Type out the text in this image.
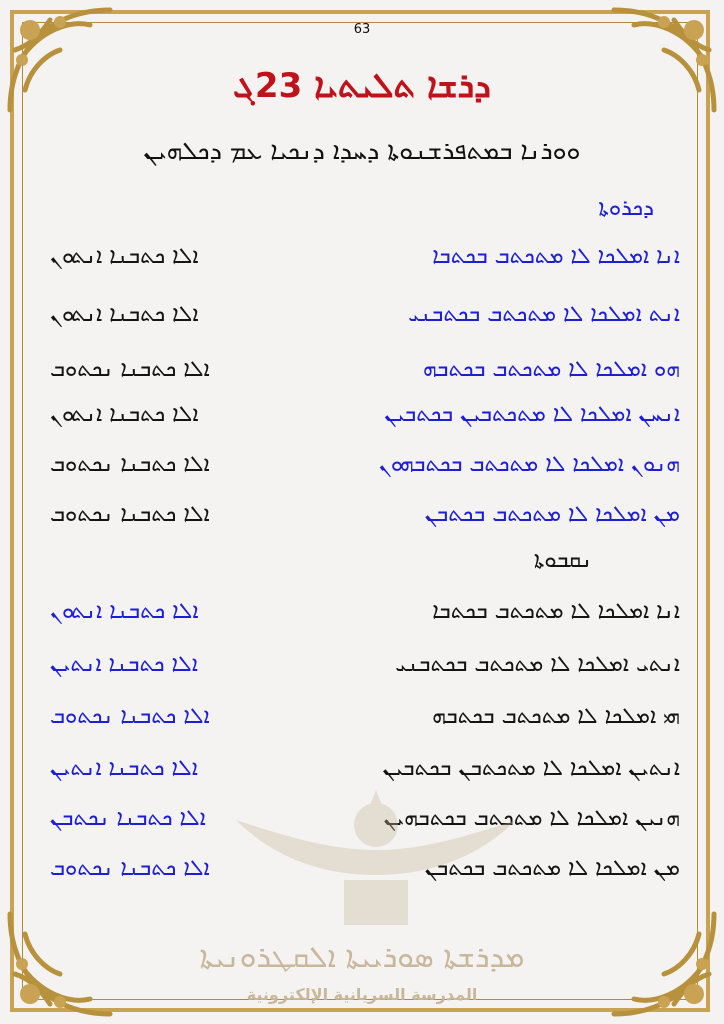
63
ܕܪܫܐ ܬܠܝܬܝܐ 23ܓ
ܘܘܪܢܐ ܒܡܬܦܪܫܢܘܬܐ ܕܚܕܐ ܕܢܟܝܐ ܥܡ ܕܟܠܗܝܢ
ܕܟܪܘܬܐ
ܐܢܐ ܐܡܠܟܐ ܠܐ ܡܬܟܬܒ ܒܟܬܒܐ
ܐܠܐ ܟܬܒܢܐ ܐܢܬܘܢ
ܐܢܬ ܐܡܠܟܐ ܠܐ ܡܬܟܬܒ ܒܟܬܒܢܝ
ܐܠܐ ܟܬܒܢܐ ܐܢܬܘܢ
ܗܘ ܐܡܠܟܐ ܠܐ ܡܬܟܬܒ ܒܟܬܒܗ
ܐܠܐ ܟܬܒܢܐ ܢܟܬܘܒ
ܐܢܚܢ ܐܡܠܟܐ ܠܐ ܡܬܟܬܒܝܢ ܒܟܬܒܝܢ
ܐܠܐ ܟܬܒܢܐ ܐܢܬܘܢ
ܗܢܘܢ ܐܡܠܟܐ ܠܐ ܡܬܟܬܒ ܒܟܬܒܗܘܢ
ܐܠܐ ܟܬܒܢܐ ܢܟܬܘܒ
ܡܢ ܐܡܠܟܐ ܠܐ ܡܬܟܬܒ ܒܟܬܒܢ
ܐܠܐ ܟܬܒܢܐ ܢܟܬܘܒ
ܢܩܒܘܬܐ
ܐܢܐ ܐܡܠܟܐ ܠܐ ܡܬܟܬܒ ܒܟܬܒܐ
ܐܠܐ ܟܬܒܢܐ ܐܢܬܘܢ
ܐܢܬܝ ܐܡܠܟܐ ܠܐ ܡܬܟܬܒ ܒܟܬܒܢܝ
ܐܠܐ ܟܬܒܢܐ ܐܢܬܝܢ
ܗܝ ܐܡܠܟܐ ܠܐ ܡܬܟܬܒ ܒܟܬܒܗ
ܐܠܐ ܟܬܒܢܐ ܢܟܬܘܒ
ܐܢܬܝܢ ܐܡܠܟܐ ܠܐ ܡܬܟܬܒܢ ܒܟܬܒܝܢ
ܐܠܐ ܟܬܒܢܐ ܐܢܬܝܢ
ܗܢܝܢ ܐܡܠܟܐ ܠܐ ܡܬܟܬܒ ܒܟܬܒܗܝܢ
ܐܠܐ ܟܬܒܢܐ ܢܟܬܒܢ
ܡܢ ܐܡܠܟܐ ܠܐ ܡܬܟܬܒ ܒܟܬܒܢ
ܐܠܐ ܟܬܒܢܐ ܢܟܬܘܒ
ܡܕܪܫܬܐ ܣܘܪܝܝܬܐ ܐܠܩܛܪܘܢܝܬܐ
المدرسة السريانية الإلكترونية
